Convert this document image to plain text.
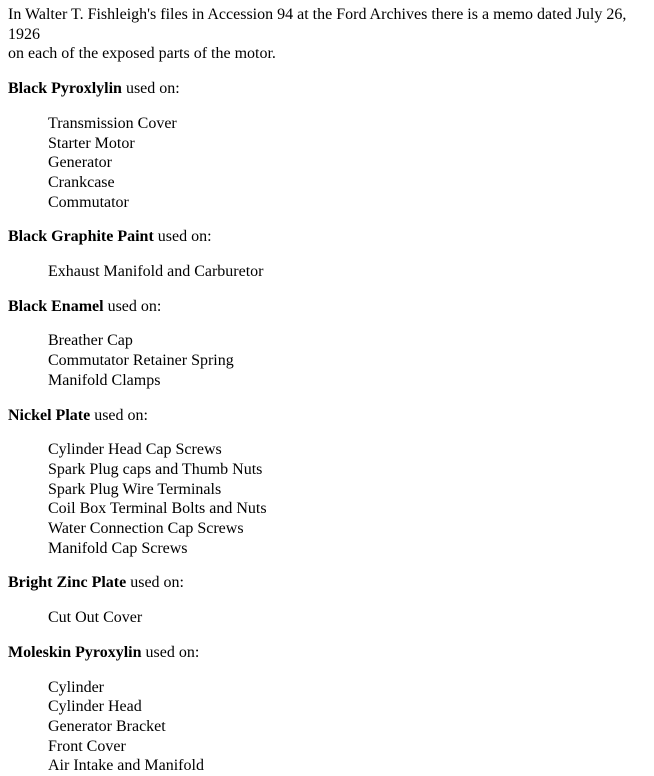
In Walter T. Fishleigh's files in Accession 94 at the Ford Archives there is a memo dated July 26, 1926
on each of the exposed parts of the motor.

Black Pyroxlylin used on:

Transmission Cover
Starter Motor
Generator
Crankcase
Commutator

Black Graphite Paint used on:

Exhaust Manifold and Carburetor

Black Enamel used on:

Breather Cap
Commutator Retainer Spring
Manifold Clamps

Nickel Plate used on:

Cylinder Head Cap Screws
Spark Plug caps and Thumb Nuts
Spark Plug Wire Terminals
Coil Box Terminal Bolts and Nuts
Water Connection Cap Screws
Manifold Cap Screws

Bright Zinc Plate used on:

Cut Out Cover

Moleskin Pyroxylin used on:

Cylinder
Cylinder Head
Generator Bracket
Front Cover
Air Intake and Manifold
